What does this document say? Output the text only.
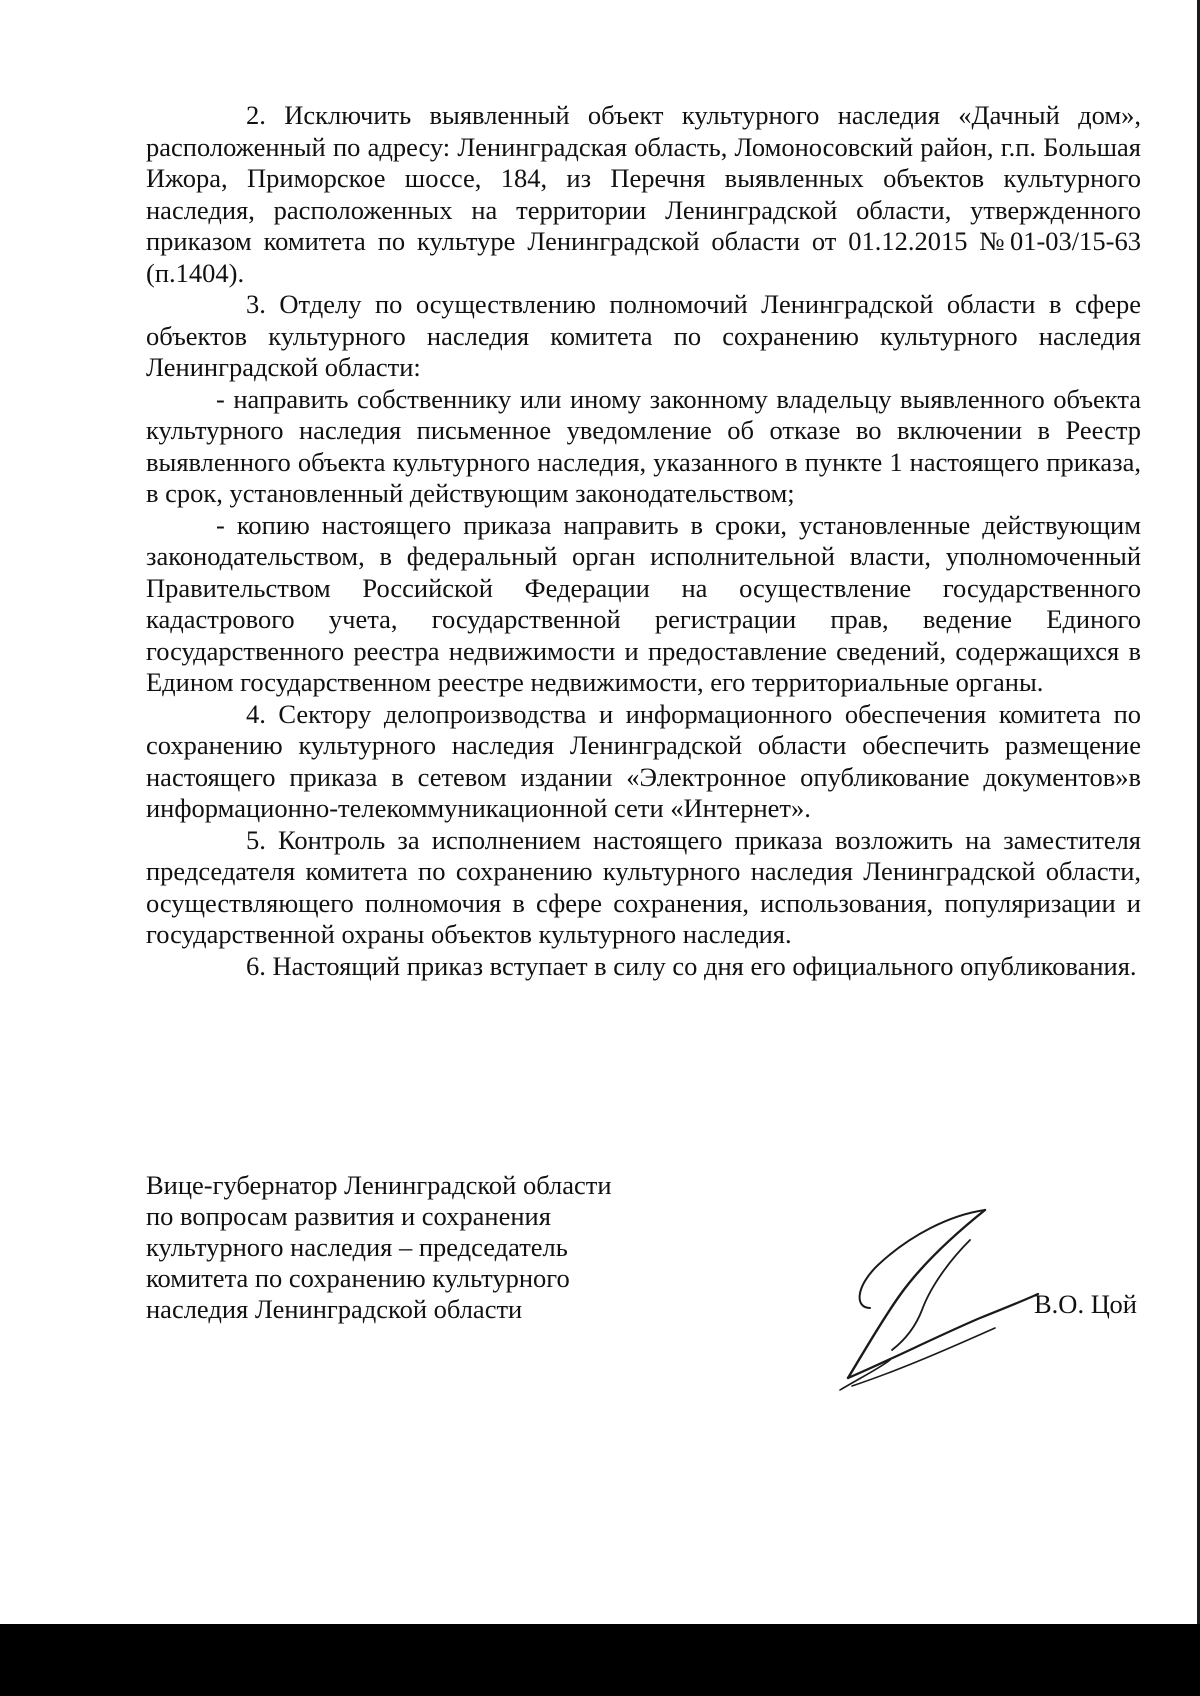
2. Исключить выявленный объект культурного наследия «Дачный дом», расположенный по адресу: Ленинградская область, Ломоносовский район, г.п. Большая Ижора, Приморское шоссе, 184, из Перечня выявленных объектов культурного наследия, расположенных на территории Ленинградской области, утвержденного приказом комитета по культуре Ленинградской области от 01.12.2015 №01-03/15-63 (п.1404).

3. Отделу по осуществлению полномочий Ленинградской области в сфере объектов культурного наследия комитета по сохранению культурного наследия Ленинградской области:

- направить собственнику или иному законному владельцу выявленного объекта культурного наследия письменное уведомление об отказе во включении в Реестр выявленного объекта культурного наследия, указанного в пункте 1 настоящего приказа, в срок, установленный действующим законодательством;

- копию настоящего приказа направить в сроки, установленные действующим законодательством, в федеральный орган исполнительной власти, уполномоченный Правительством Российской Федерации на осуществление государственного кадастрового учета, государственной регистрации прав, ведение Единого государственного реестра недвижимости и предоставление сведений, содержащихся в Едином государственном реестре недвижимости, его территориальные органы.

4. Сектору делопроизводства и информационного обеспечения комитета по сохранению культурного наследия Ленинградской области обеспечить размещение настоящего приказа в сетевом издании «Электронное опубликование документов»в информационно-телекоммуникационной сети «Интернет».

5. Контроль за исполнением настоящего приказа возложить на заместителя председателя комитета по сохранению культурного наследия Ленинградской области, осуществляющего полномочия в сфере сохранения, использования, популяризации и государственной охраны объектов культурного наследия.

6. Настоящий приказ вступает в силу со дня его официального опубликования.

Вице-губернатор Ленинградской области
по вопросам развития и сохранения
культурного наследия – председатель
комитета по сохранению культурного
наследия Ленинградской области	В.О. Цой
